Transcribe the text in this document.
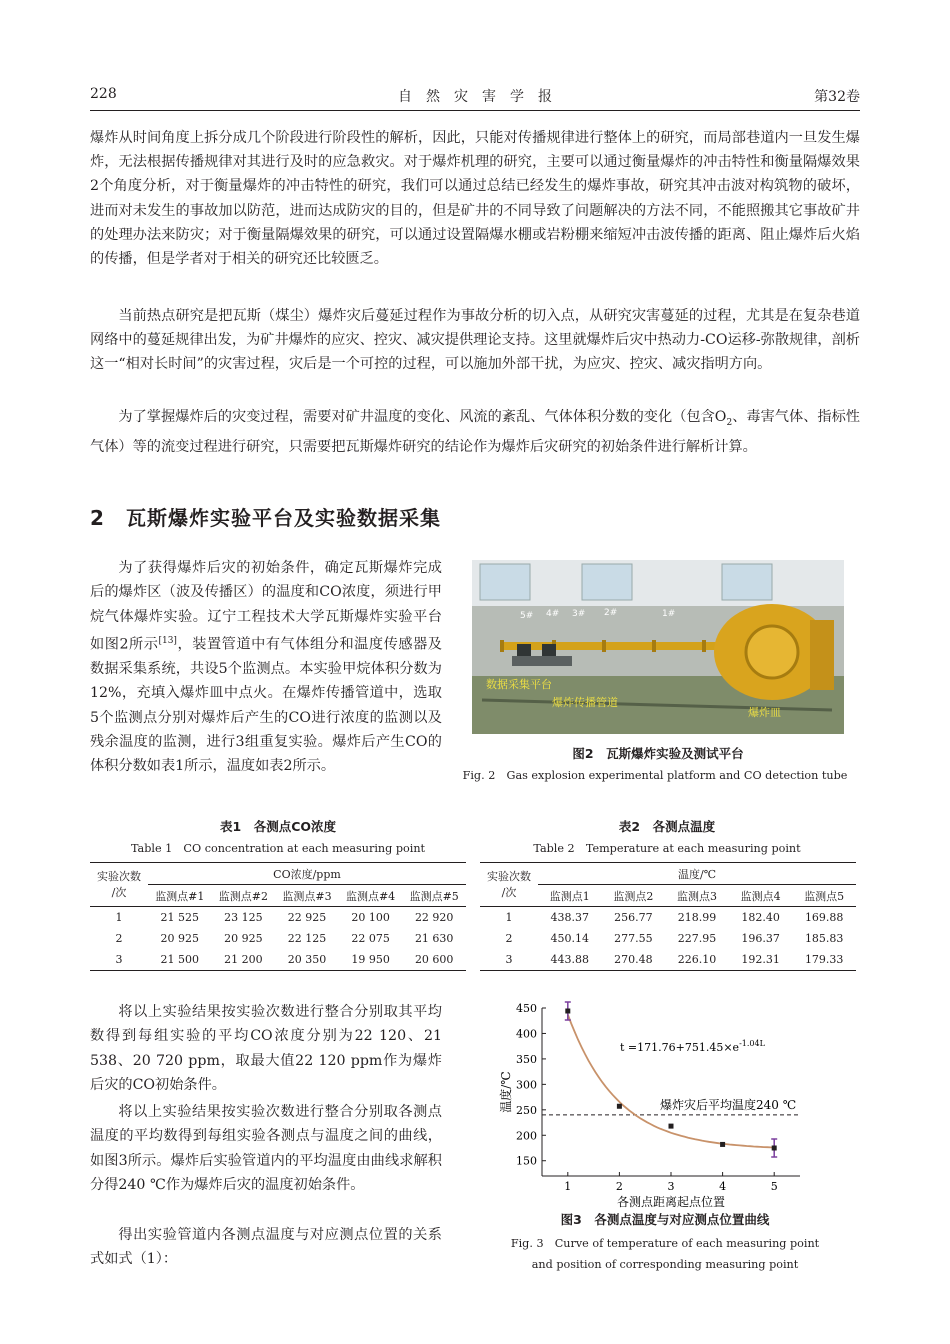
228	自　然　灾　害　学　报	第32卷

爆炸从时间角度上拆分成几个阶段进行阶段性的解析，因此，只能对传播规律进行整体上的研究，而局部巷道内一旦发生爆炸，无法根据传播规律对其进行及时的应急救灾。对于爆炸机理的研究，主要可以通过衡量爆炸的冲击特性和衡量隔爆效果2个角度分析，对于衡量爆炸的冲击特性的研究，我们可以通过总结已经发生的爆炸事故，研究其冲击波对构筑物的破坏，进而对未发生的事故加以防范，进而达成防灾的目的，但是矿井的不同导致了问题解决的方法不同，不能照搬其它事故矿井的处理办法来防灾；对于衡量隔爆效果的研究，可以通过设置隔爆水棚或岩粉棚来缩短冲击波传播的距离、阻止爆炸后火焰的传播，但是学者对于相关的研究还比较匮乏。

当前热点研究是把瓦斯（煤尘）爆炸灾后蔓延过程作为事故分析的切入点，从研究灾害蔓延的过程，尤其是在复杂巷道网络中的蔓延规律出发，为矿井爆炸的应灾、控灾、减灾提供理论支持。这里就爆炸后灾中热动力-CO运移-弥散规律，剖析这一“相对长时间”的灾害过程，灾后是一个可控的过程，可以施加外部干扰，为应灾、控灾、减灾指明方向。

为了掌握爆炸后的灾变过程，需要对矿井温度的变化、风流的紊乱、气体体积分数的变化（包含$O_2$、毒害气体、指标性气体）等的流变过程进行研究，只需要把瓦斯爆炸研究的结论作为爆炸后灾研究的初始条件进行解析计算。

2 瓦斯爆炸实验平台及实验数据采集

为了获得爆炸后灾的初始条件，确定瓦斯爆炸完成后的爆炸区（波及传播区）的温度和CO浓度，须进行甲烷气体爆炸实验。辽宁工程技术大学瓦斯爆炸实验平台如图2所示[13]，装置管道中有气体组分和温度传感器及数据采集系统，共设5个监测点。本实验甲烷体积分数为12%，充填入爆炸皿中点火。在爆炸传播管道中，选取5个监测点分别对爆炸后产生的CO进行浓度的监测以及残余温度的监测，进行3组重复实验。爆炸后产生CO的体积分数如表1所示，温度如表2所示。

5# 4# 3# 2#	1#
数据采集平台
爆炸传播管道
爆炸皿
图2　瓦斯爆炸实验及测试平台
Fig. 2　Gas explosion experimental platform and CO detection tube
表1　各测点CO浓度
Table 1　CO concentration at each measuring point
实验次数
/次	CO浓度/ppm				
	监测点#1	监测点#2	监测点#3	监测点#4	监测点#5
1	21 525	23 125	22 925	20 100	22 920
2	20 925	20 925	22 125	22 075	21 630
3	21 500	21 200	20 350	19 950	20 600
表2　各测点温度
Table 2　Temperature at each measuring point
实验次数
/次	温度/℃				
	监测点1	监测点2	监测点3	监测点4	监测点5
1	438.37	256.77	218.99	182.40	169.88
2	450.14	277.55	227.95	196.37	185.83
3	443.88	270.48	226.10	192.31	179.33

将以上实验结果按实验次数进行整合分别取其平均数得到每组实验的平均CO浓度分别为22 120、21 538、20 720 ppm，取最大值22 120 ppm作为爆炸后灾的CO初始条件。

将以上实验结果按实验次数进行整合分别取各测点温度的平均数得到每组实验各测点与温度之间的曲线，如图3所示。爆炸后实验管道内的平均温度由曲线求解积分得240 ℃作为爆炸后灾的温度初始条件。

得出实验管道内各测点温度与对应测点位置的关系式如式（1）：

150
200
250
300
350
400
450
1	2	3	4	5
各测点距离起点位置
温度/℃	爆炸灾后平均温度240 ℃
$t =171.76+751.45\times e^{-1.04L}$
图3　各测点温度与对应测点位置曲线
Fig. 3　Curve of temperature of each measuring point
and position of corresponding measuring point
